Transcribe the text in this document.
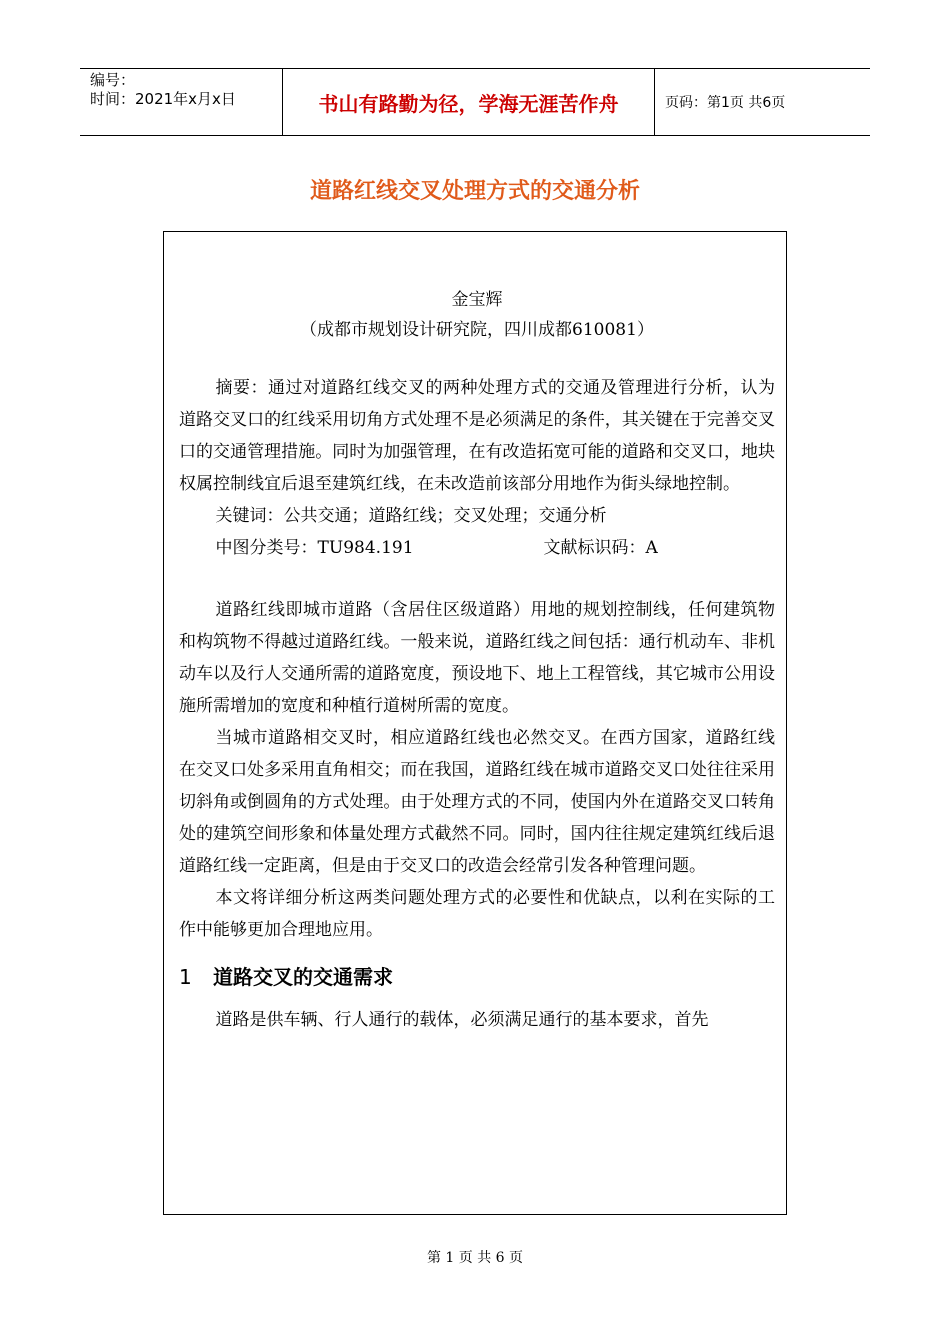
编号：
时间：2021年x月x日	书山有路勤为径，学海无涯苦作舟	页码：第1页 共6页
道路红线交叉处理方式的交通分析
金宝辉
（成都市规划设计研究院，四川成都610081）

摘要：通过对道路红线交叉的两种处理方式的交通及管理进行分析，认为道路交叉口的红线采用切角方式处理不是必须满足的条件，其关键在于完善交叉口的交通管理措施。同时为加强管理，在有改造拓宽可能的道路和交叉口，地块权属控制线宜后退至建筑红线，在未改造前该部分用地作为街头绿地控制。

关键词：公共交通；道路红线；交叉处理；交通分析

中图分类号：TU984.191	文献标识码：A

道路红线即城市道路（含居住区级道路）用地的规划控制线，任何建筑物和构筑物不得越过道路红线。一般来说，道路红线之间包括：通行机动车、非机动车以及行人交通所需的道路宽度，预设地下、地上工程管线，其它城市公用设施所需增加的宽度和种植行道树所需的宽度。

当城市道路相交叉时，相应道路红线也必然交叉。在西方国家，道路红线在交叉口处多采用直角相交；而在我国，道路红线在城市道路交叉口处往往采用切斜角或倒圆角的方式处理。由于处理方式的不同，使国内外在道路交叉口转角处的建筑空间形象和体量处理方式截然不同。同时，国内往往规定建筑红线后退道路红线一定距离，但是由于交叉口的改造会经常引发各种管理问题。

本文将详细分析这两类问题处理方式的必要性和优缺点，以利在实际的工作中能够更加合理地应用。

1 道路交叉的交通需求

道路是供车辆、行人通行的载体，必须满足通行的基本要求，首先

第 1 页 共 6 页
